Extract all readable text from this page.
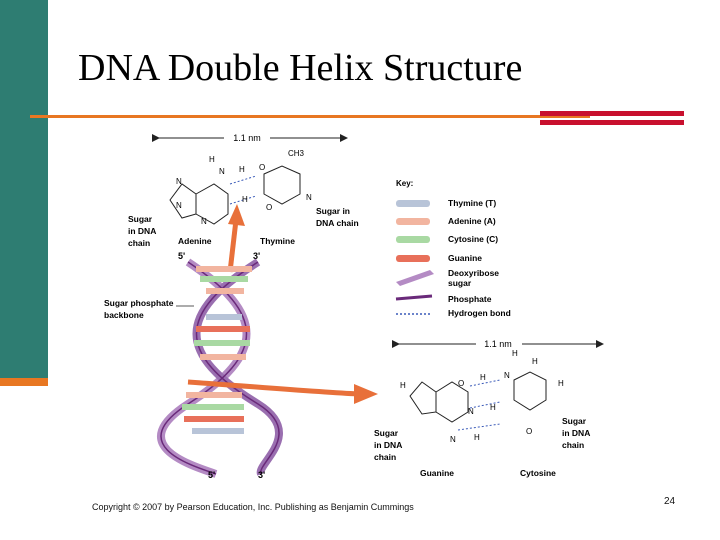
DNA Double Helix Structure
1.1 nm
H
N H O
CH3
N
N
N
O
H	N
Sugar
in DNA
chain
Sugar in
DNA chain
Adenine	Thymine
5'	3'
Sugar phosphate
backbone
5'	3'
Key:
Thymine (T)
Adenine (A)
Cytosine (C)
Guanine
Deoxyribose
sugar
Phosphate
Hydrogen bond
1.1 nm
H
H
H	O
H N
H
H
N
O
H
N
Sugar
in DNA
chain
Sugar
in DNA
chain
Guanine	Cytosine
Copyright © 2007 by Pearson Education, Inc. Publishing as Benjamin Cummings	24
